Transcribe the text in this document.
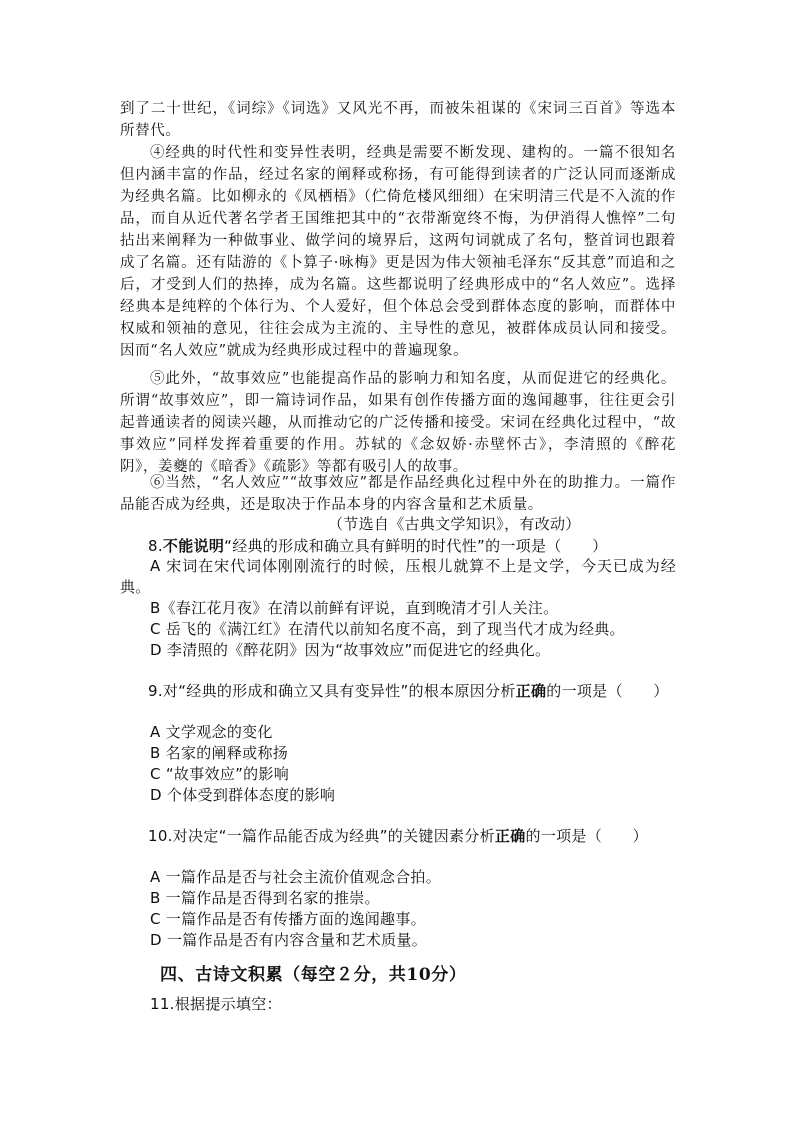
到了二十世纪，《词综》《词选》又风光不再，而被朱祖谋的《宋词三百首》等选本所替代。

④经典的时代性和变异性表明，经典是需要不断发现、建构的。一篇不很知名但内涵丰富的作品，经过名家的阐释或称扬，有可能得到读者的广泛认同而逐渐成为经典名篇。比如柳永的《凤栖梧》（伫倚危楼风细细）在宋明清三代是不入流的作品，而自从近代著名学者王国维把其中的“衣带渐宽终不悔，为伊消得人憔悴”二句拈出来阐释为一种做事业、做学问的境界后，这两句词就成了名句，整首词也跟着成了名篇。还有陆游的《卜算子·咏梅》更是因为伟大领袖毛泽东“反其意”而追和之后，才受到人们的热捧，成为名篇。这些都说明了经典形成中的“名人效应”。选择经典本是纯粹的个体行为、个人爱好，但个体总会受到群体态度的影响，而群体中权威和领袖的意见，往往会成为主流的、主导性的意见，被群体成员认同和接受。因而“名人效应”就成为经典形成过程中的普遍现象。

⑤此外，“故事效应”也能提高作品的影响力和知名度，从而促进它的经典化。所谓“故事效应”，即一篇诗词作品，如果有创作传播方面的逸闻趣事，往往更会引起普通读者的阅读兴趣，从而推动它的广泛传播和接受。宋词在经典化过程中，“故事效应”同样发挥着重要的作用。苏轼的《念奴娇·赤壁怀古》，李清照的《醉花阴》，姜夔的《暗香》《疏影》等都有吸引人的故事。

⑥当然，“名人效应”“故事效应”都是作品经典化过程中外在的助推力。一篇作品能否成为经典，还是取决于作品本身的内容含量和艺术质量。

（节选自《古典文学知识》，有改动）
8.不能说明“经典的形成和确立具有鲜明的时代性”的一项是（　　）

A 宋词在宋代词体刚刚流行的时候，压根儿就算不上是文学，今天已成为经典。

B《春江花月夜》在清以前鲜有评说，直到晚清才引人关注。

C 岳飞的《满江红》在清代以前知名度不高，到了现当代才成为经典。

D 李清照的《醉花阴》因为“故事效应”而促进它的经典化。

9.对“经典的形成和确立又具有变异性”的根本原因分析正确的一项是（　　）

A 文学观念的变化

B 名家的阐释或称扬

C “故事效应”的影响

D 个体受到群体态度的影响

10.对决定“一篇作品能否成为经典”的关键因素分析正确的一项是（　　）

A 一篇作品是否与社会主流价值观念合拍。

B 一篇作品是否得到名家的推崇。

C 一篇作品是否有传播方面的逸闻趣事。

D 一篇作品是否有内容含量和艺术质量。

四、古诗文积累（每空２分，共10分）
11.根据提示填空：
